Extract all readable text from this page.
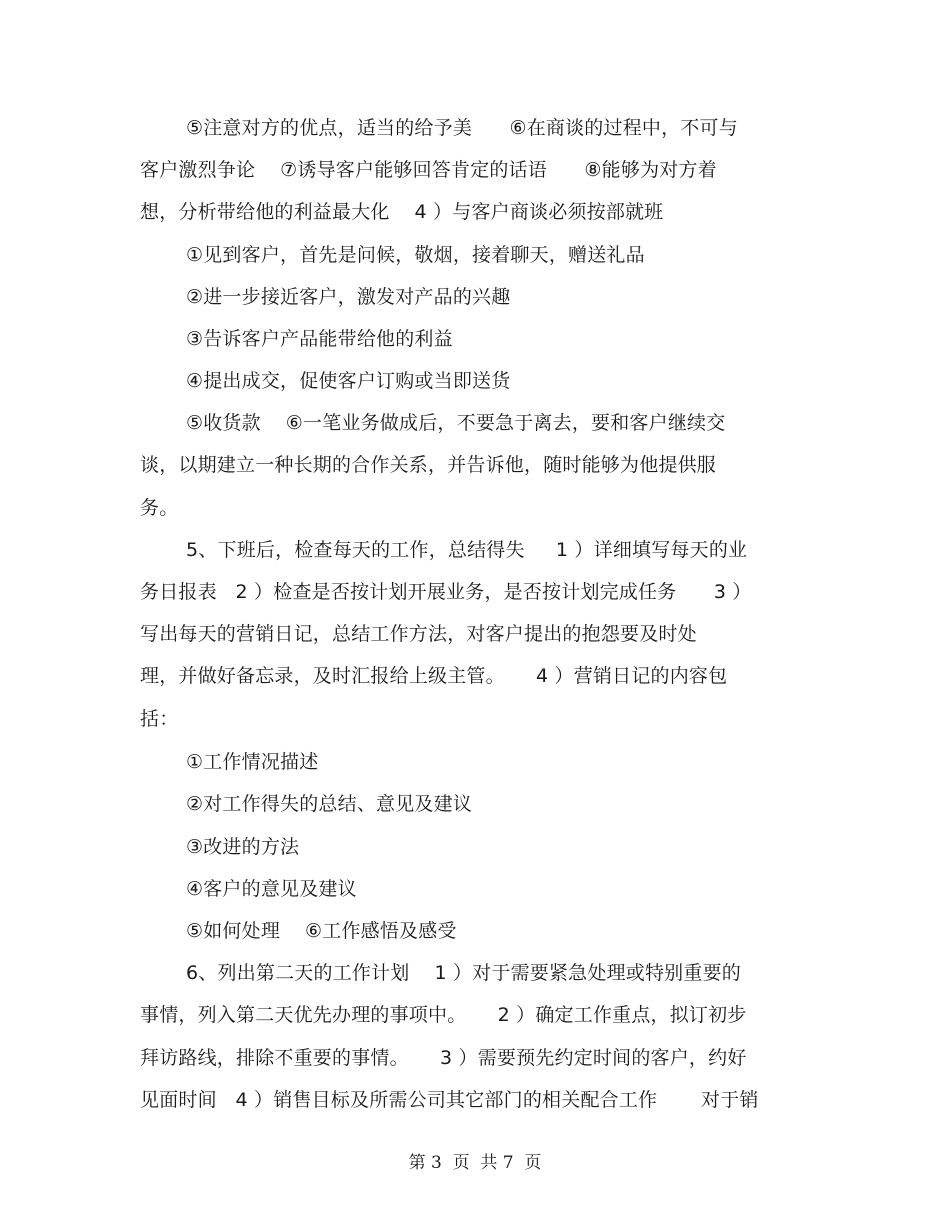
⑤注意对方的优点，适当的给予美      ⑥在商谈的过程中，不可与
客户激烈争论    ⑦诱导客户能够回答肯定的话语      ⑧能够为对方着
想，分析带给他的利益最大化    4 ）与客户商谈必须按部就班
①见到客户，首先是问候，敬烟，接着聊天，赠送礼品
②进一步接近客户，激发对产品的兴趣
③告诉客户产品能带给他的利益
④提出成交，促使客户订购或当即送货
⑤收货款    ⑥一笔业务做成后，不要急于离去，要和客户继续交
谈，以期建立一种长期的合作关系，并告诉他，随时能够为他提供服
务。
5、下班后，检查每天的工作，总结得失     1 ）详细填写每天的业
务日报表   2 ）检查是否按计划开展业务，是否按计划完成任务      3 ）
写出每天的营销日记，总结工作方法，对客户提出的抱怨要及时处
理，并做好备忘录，及时汇报给上级主管。     4 ）营销日记的内容包
括：
①工作情况描述
②对工作得失的总结、意见及建议
③改进的方法
④客户的意见及建议
⑤如何处理    ⑥工作感悟及感受
6、列出第二天的工作计划    1 ）对于需要紧急处理或特别重要的
事情，列入第二天优先办理的事项中。     2 ）确定工作重点，拟订初步
拜访路线，排除不重要的事情。     3 ）需要预先约定时间的客户，约好
见面时间   4 ）销售目标及所需公司其它部门的相关配合工作       对于销
第 3  页  共 7  页
